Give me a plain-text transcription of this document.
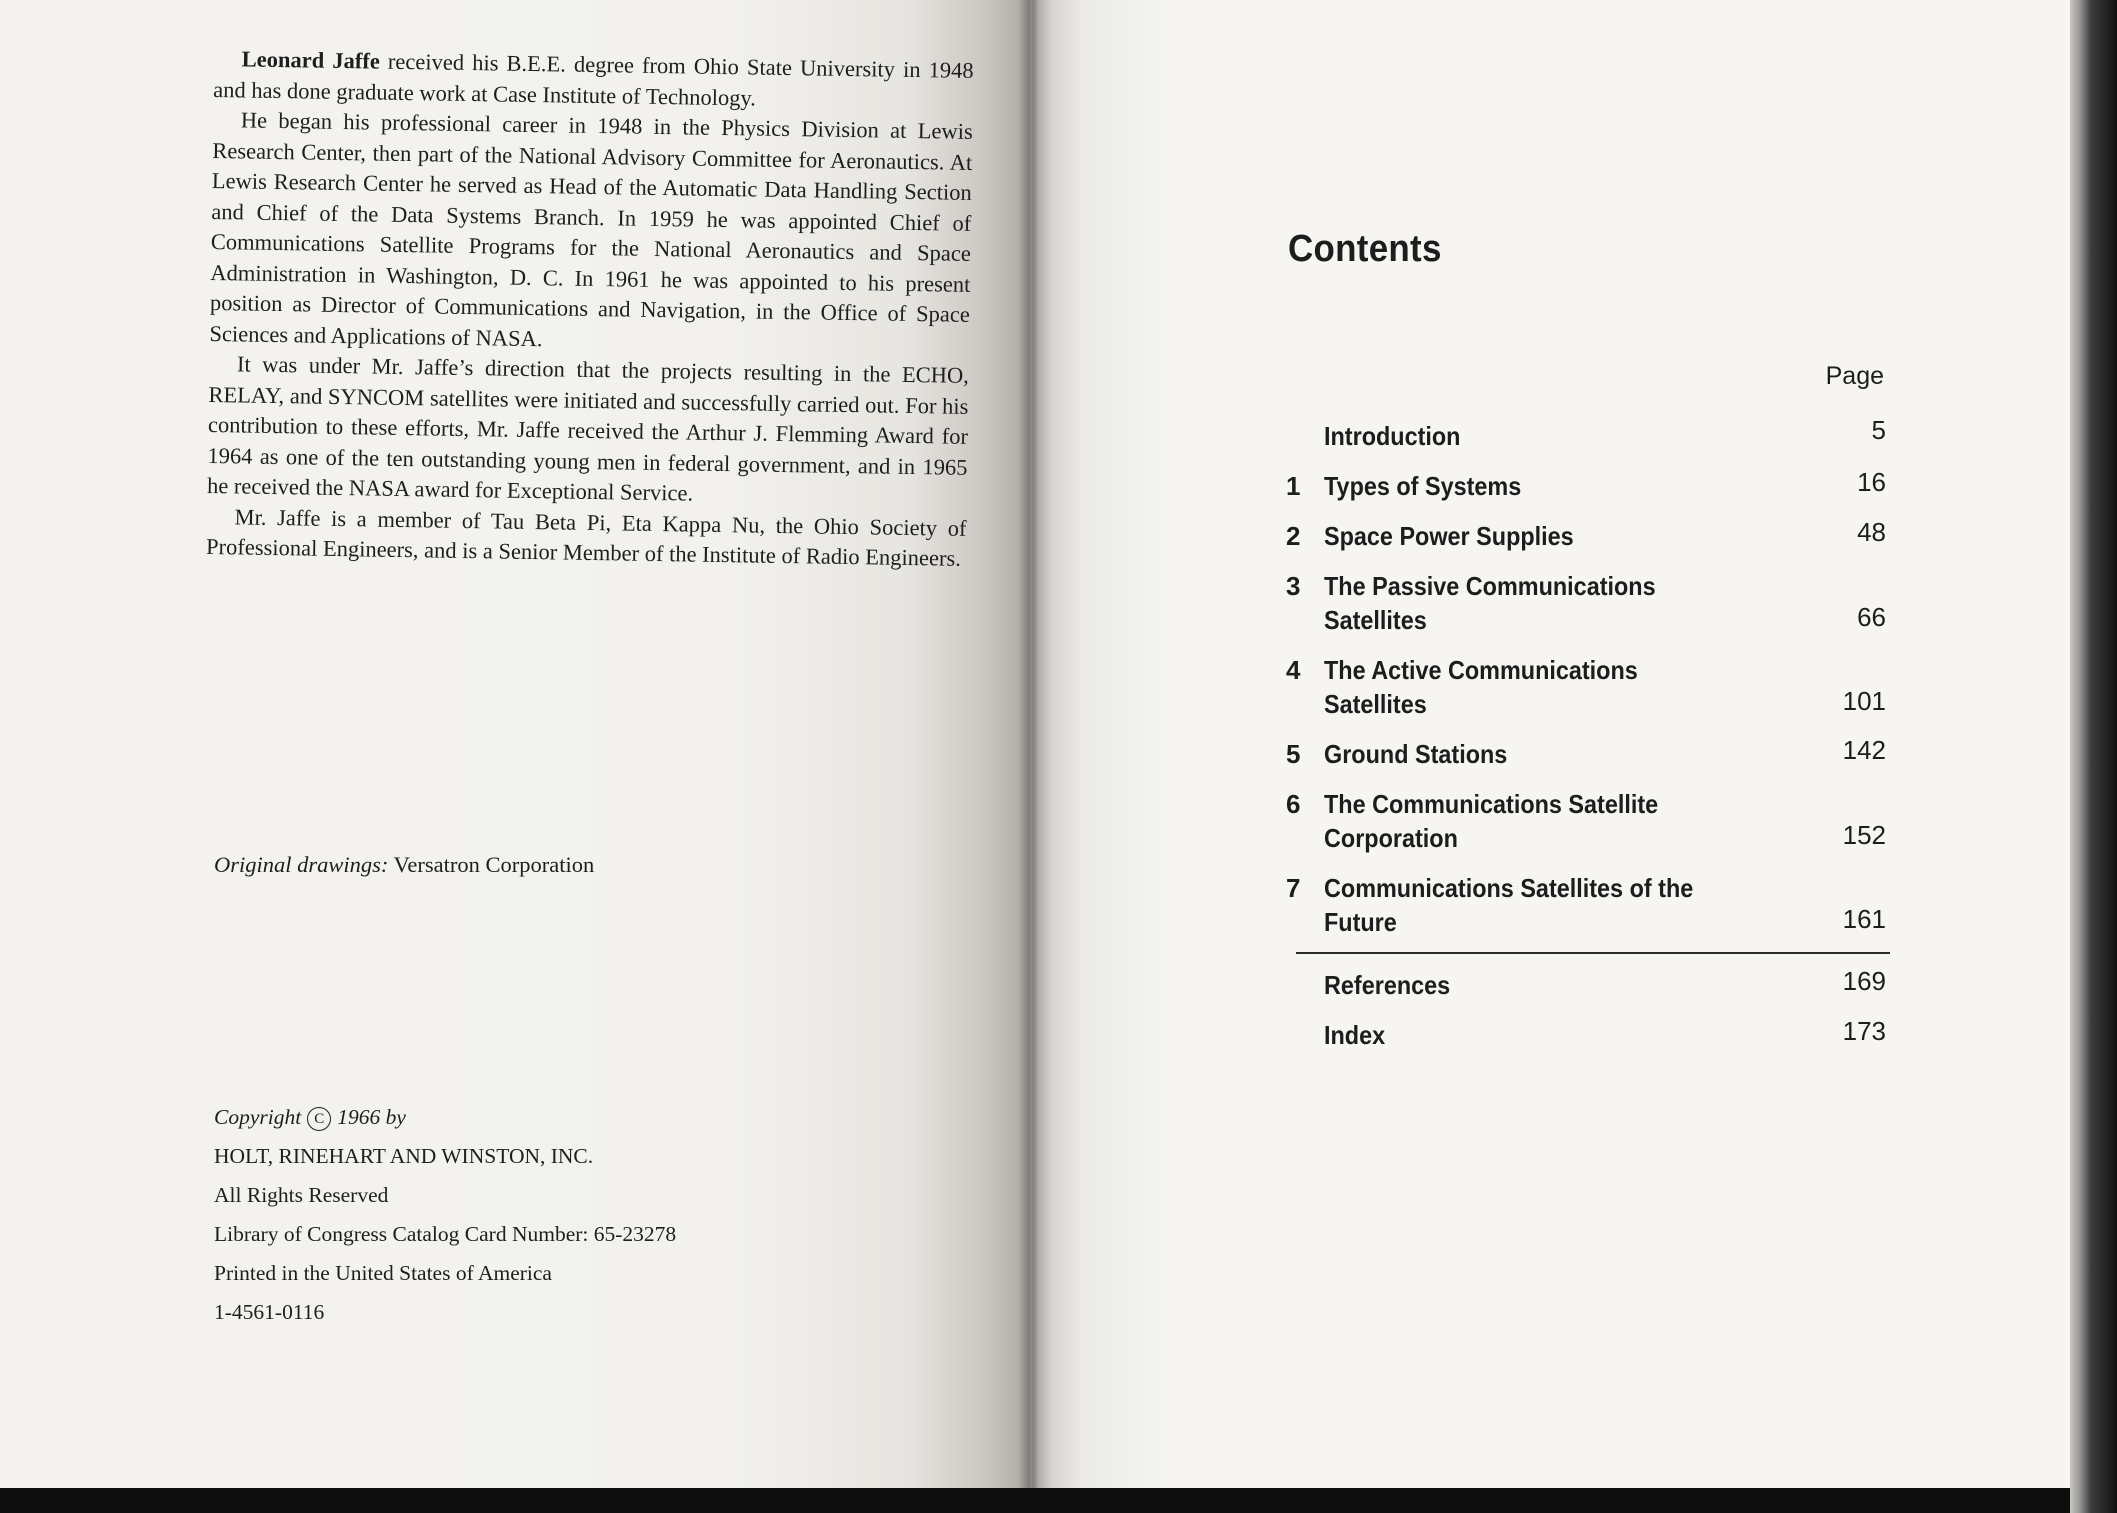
Leonard Jaffe received his B.E.E. degree from Ohio State University in 1948 and has done graduate work at Case Institute of Technology.

He began his professional career in 1948 in the Physics Division at Lewis Research Center, then part of the National Advisory Committee for Aeronautics. At Lewis Research Center he served as Head of the Automatic Data Handling Section and Chief of the Data Systems Branch. In 1959 he was appointed Chief of Communications Satellite Programs for the National Aeronautics and Space Administration in Washington, D. C. In 1961 he was appointed to his present position as Director of Communications and Navigation, in the Office of Space Sciences and Applications of NASA.

It was under Mr. Jaffe’s direction that the projects resulting in the ECHO, RELAY, and SYNCOM satellites were initiated and successfully carried out. For his contribution to these efforts, Mr. Jaffe received the Arthur J. Flemming Award for 1964 as one of the ten outstanding young men in federal government, and in 1965 he received the NASA award for Exceptional Service.

Mr. Jaffe is a member of Tau Beta Pi, Eta Kappa Nu, the Ohio Society of Professional Engineers, and is a Senior Member of the Institute of Radio Engineers.

Original drawings: Versatron Corporation
Copyright C 1966 by
HOLT, RINEHART AND WINSTON, INC.
All Rights Reserved
Library of Congress Catalog Card Number: 65-23278
Printed in the United States of America
1-4561-0116
Contents
Page
Introduction	5
1 Types of Systems	16
2 Space Power Supplies	48
3 The Passive Communications Satellites	66
4 The Active Communications Satellites	101
5 Ground Stations	142
6 The Communications Satellite Corporation	152
7 Communications Satellites of the Future	161
References	169
Index	173
